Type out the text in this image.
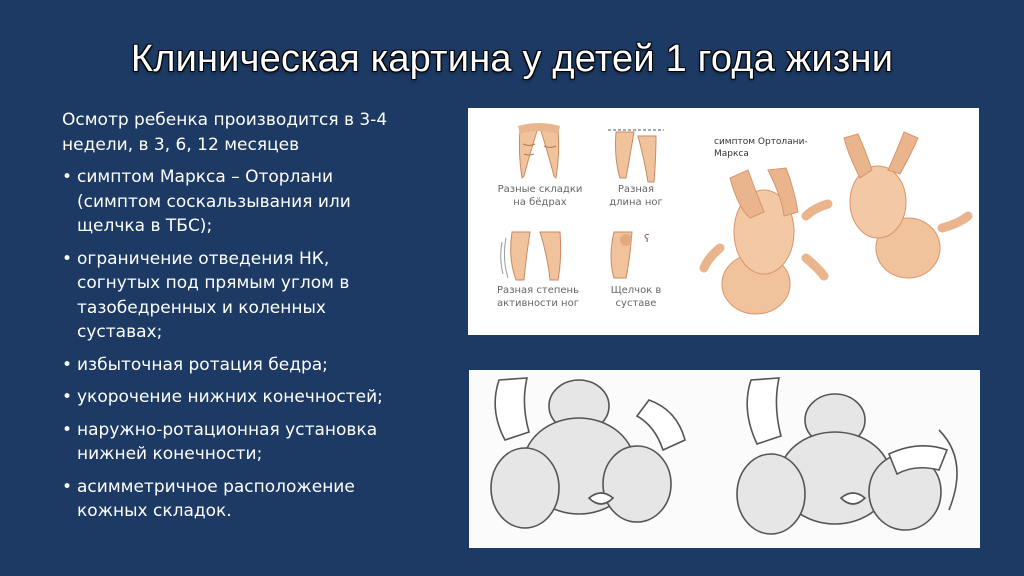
Клиническая картина у детей 1 года жизни

Осмотр ребенка производится в 3-4 недели, в 3, 6, 12 месяцев

• симптом Маркса – Оторлани (симптом соскальзывания или щелчка в ТБС);
• ограничение отведения НК, согнутых под прямым углом в тазобедренных и коленных суставах;
• избыточная ротация бедра;
• укорочение нижних конечностей;
• наружно-ротационная установка нижней конечности;
• асимметричное расположение кожных складок.
Разные складки
на бёдрах
Разная
длина ног
Разная степень
активности ног
ʕ
Щелчок в
суставе
симптом Ортолани-
Маркса
